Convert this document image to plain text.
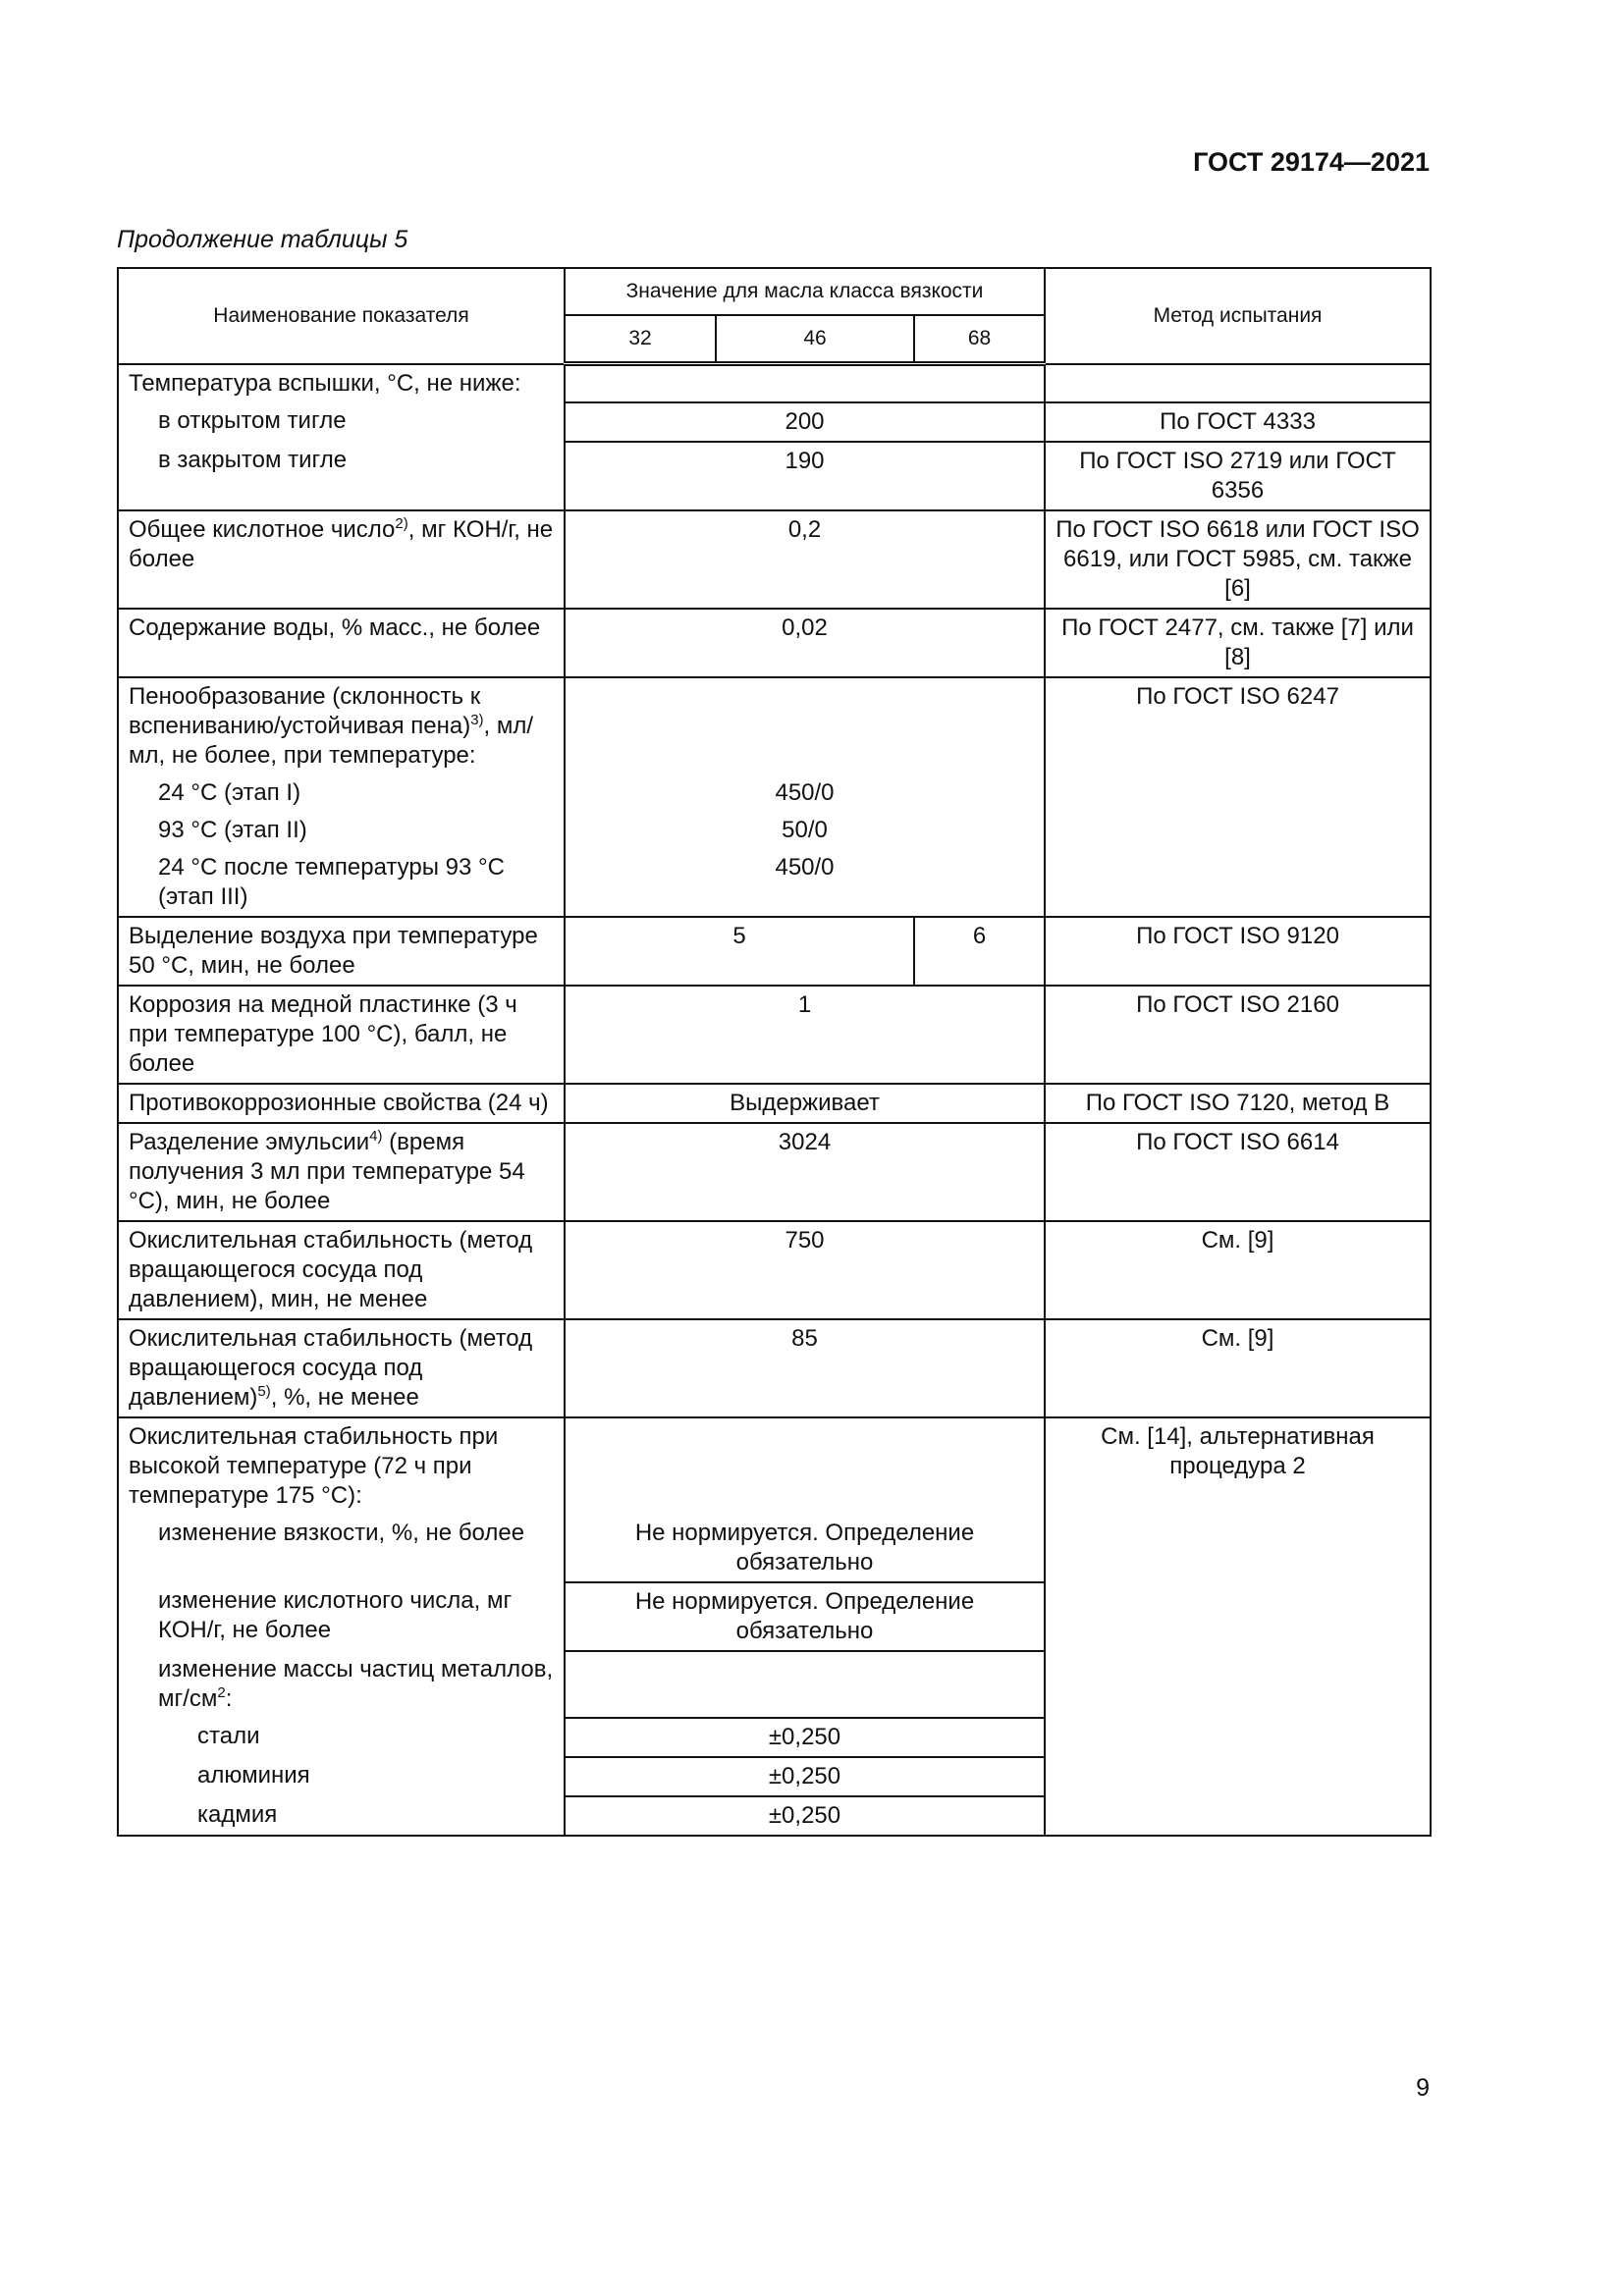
ГОСТ 29174—2021
Продолжение таблицы 5
Наименование показателя	Значение для масла класса вязкости			Метод испытания
	32	46	68	
Температура вспышки, °С, не ниже:				
в открытом тигле	200			По ГОСТ 4333
в закрытом тигле	190			По ГОСТ ISO 2719 или ГОСТ 6356
Общее кислотное число$^{2)}$, мг КОН/г, не более	0,2			По ГОСТ ISO 6618 или ГОСТ ISO 6619, или ГОСТ 5985, см. также [6]
Содержание воды, % масс., не более	0,02			По ГОСТ 2477, см. также [7] или [8]
Пенообразование (склонность к вспениванию/устойчивая пена)$^{3)}$, мл/мл, не более, при температуре:				По ГОСТ ISO 6247
24 °С (этап I)	450/0			
93 °С (этап II)	50/0			
24 °С после температуры 93 °С (этап III)	450/0			
Выделение воздуха при температуре 50 °С, мин, не более	5		6	По ГОСТ ISO 9120
Коррозия на медной пластинке (3 ч при температуре 100 °С), балл, не более	1			По ГОСТ ISO 2160
Противокоррозионные свойства (24 ч)	Выдерживает			По ГОСТ ISO 7120, метод В
Разделение эмульсии$^{4)}$ (время получения 3 мл при температуре 54 °С), мин, не более	3024			По ГОСТ ISO 6614
Окислительная стабильность (метод вращающегося сосуда под давлением), мин, не менее	750			См. [9]
Окислительная стабильность (метод вращающегося сосуда под давлением)$^{5)}$, %, не менее	85			См. [9]
Окислительная стабильность при высокой температуре (72 ч при температуре 175 °С):				См. [14], альтернативная процедура 2
изменение вязкости, %, не более	Не нормируется. Определение обязательно			
изменение кислотного числа, мг КОН/г, не более	Не нормируется. Определение обязательно			
изменение массы частиц металлов, $мг/см^2$:				
стали	±0,250			
алюминия	±0,250			
кадмия	±0,250			
9
